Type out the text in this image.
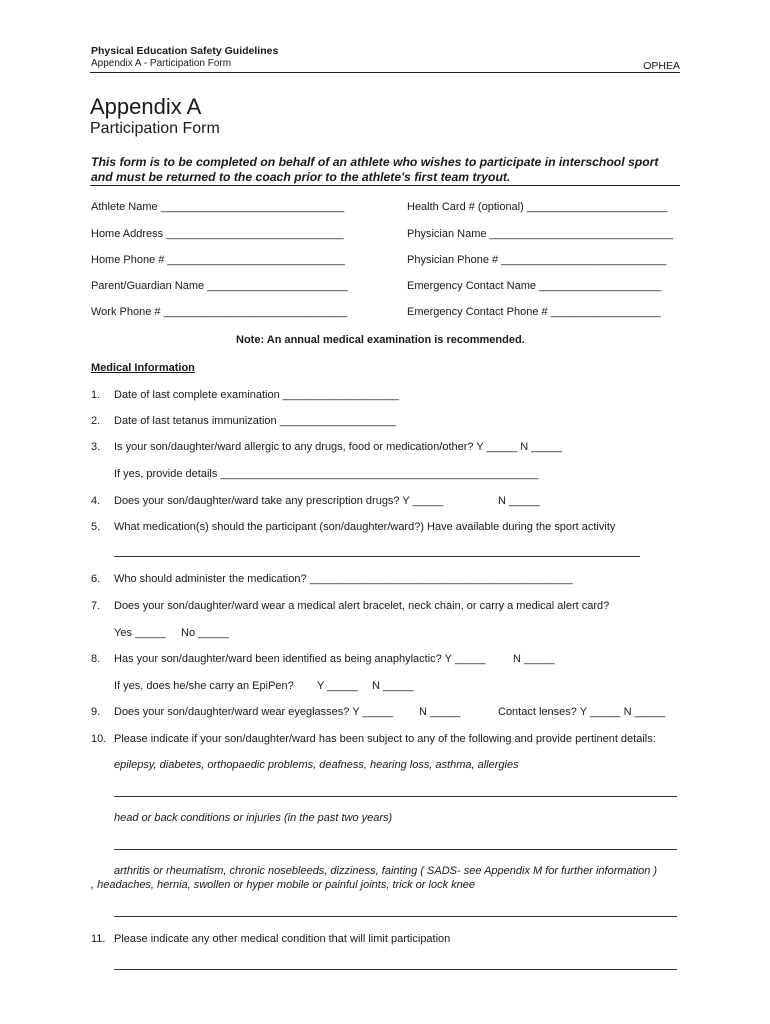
Physical Education Safety Guidelines
Appendix A - Participation Form	OPHEA
Appendix A
Participation Form
This form is to be completed on behalf of an athlete who wishes to participate in interschool sport
and must be returned to the coach prior to the athlete's first team tryout.
Athlete Name ______________________________	Health Card # (optional) _______________________
Home Address _____________________________	Physician Name ______________________________
Home Phone # _____________________________	Physician Phone # ___________________________
Parent/Guardian Name _______________________	Emergency Contact Name ____________________
Work Phone # ______________________________	Emergency Contact Phone # __________________
Note: An annual medical examination is recommended.
Medical Information
1. Date of last complete examination ___________________
2. Date of last tetanus immunization ___________________
3. Is your son/daughter/ward allergic to any drugs, food or medication/other? Y _____ N _____
If yes, provide details ____________________________________________________
4. Does your son/daughter/ward take any prescription drugs? Y _____	N _____
5. What medication(s) should the participant (son/daughter/ward?) Have available during the sport activity
6. Who should administer the medication? ___________________________________________
7. Does your son/daughter/ward wear a medical alert bracelet, neck chain, or carry a medical alert card?
Yes _____ No _____
8. Has your son/daughter/ward been identified as being anaphylactic? Y _____	N _____
If yes, does he/she carry an EpiPen? Y _____ N _____
9. Does your son/daughter/ward wear eyeglasses? Y _____ N _____	Contact lenses? Y _____ N _____
10. Please indicate if your son/daughter/ward has been subject to any of the following and provide pertinent details:
epilepsy, diabetes, orthopaedic problems, deafness, hearing loss, asthma, allergies
head or back conditions or injuries (in the past two years)
arthritis or rheumatism, chronic nosebleeds, dizziness, fainting ( SADS- see Appendix M for further information )
, headaches, hernia, swollen or hyper mobile or painful joints, trick or lock knee
11. Please indicate any other medical condition that will limit participation
